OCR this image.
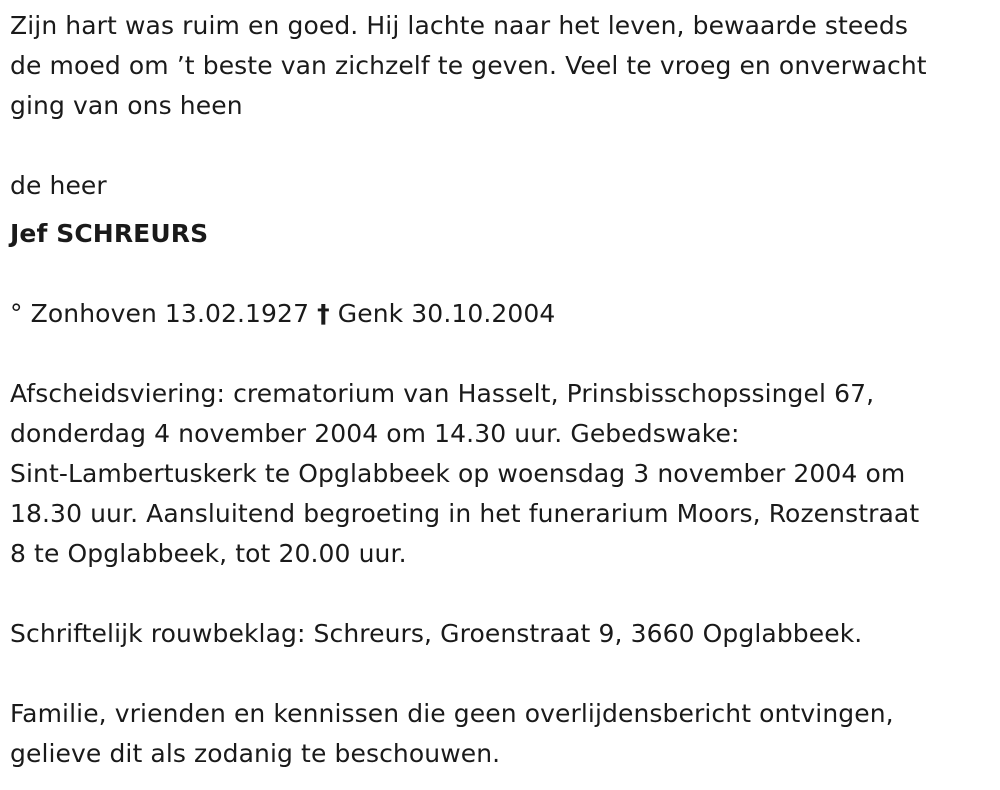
Zijn hart was ruim en goed. Hij lachte naar het leven, bewaarde steeds
de moed om ’t beste van zichzelf te geven. Veel te vroeg en onverwacht
ging van ons heen

de heer
Jef SCHREURS
° Zonhoven 13.02.1927 † Genk 30.10.2004

Afscheidsviering: crematorium van Hasselt, Prinsbisschopssingel 67,
donderdag 4 november 2004 om 14.30 uur. Gebedswake:
Sint-Lambertuskerk te Opglabbeek op woensdag 3 november 2004 om
18.30 uur. Aansluitend begroeting in het funerarium Moors, Rozenstraat
8 te Opglabbeek, tot 20.00 uur.

Schriftelijk rouwbeklag: Schreurs, Groenstraat 9, 3660 Opglabbeek.

Familie, vrienden en kennissen die geen overlijdensbericht ontvingen,
gelieve dit als zodanig te beschouwen.
